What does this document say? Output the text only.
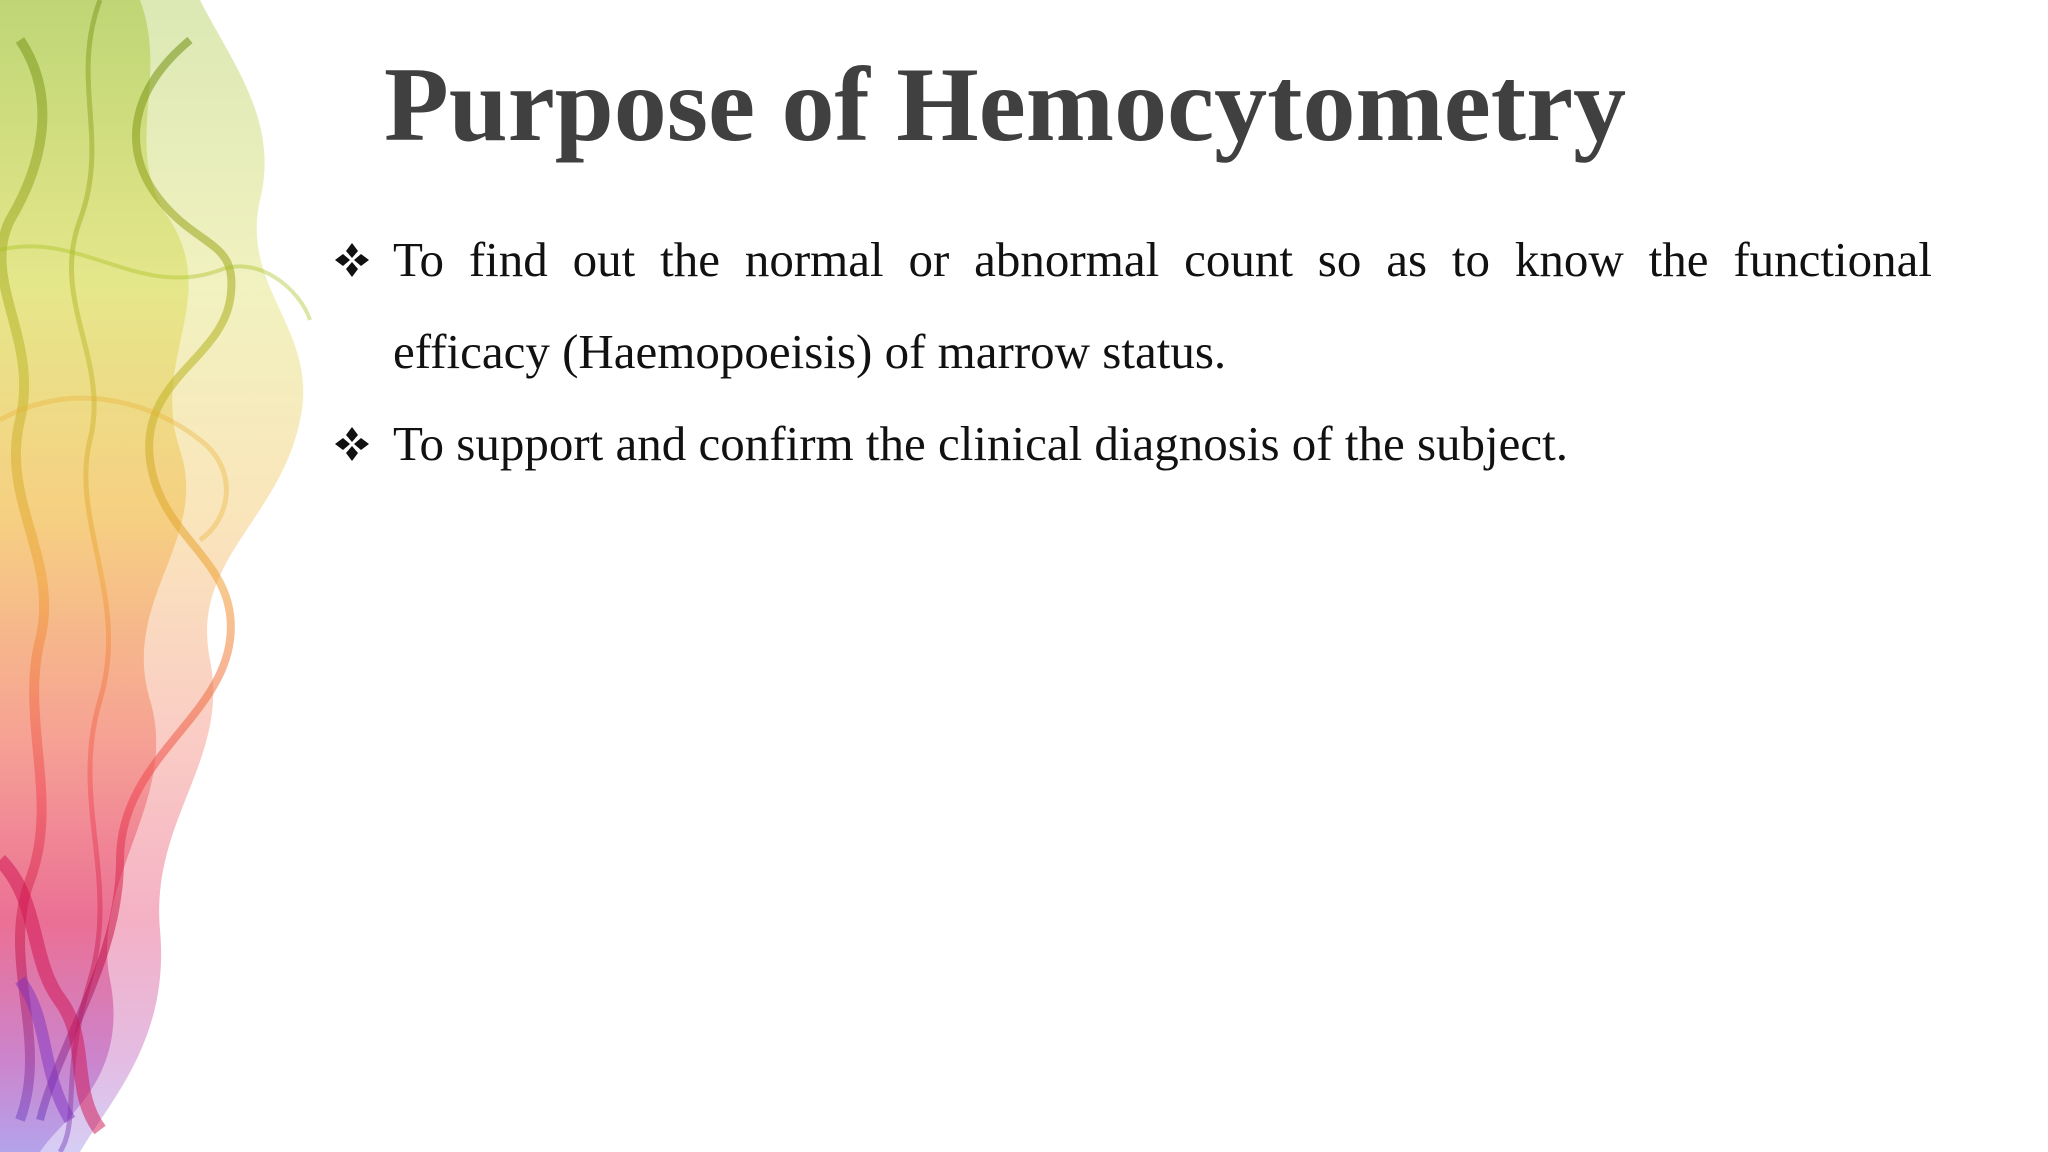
Purpose of Hemocytometry
To find out the normal or abnormal count so as to know the functional efficacy (Haemopoeisis) of marrow status.
To support and confirm the clinical diagnosis of the subject.
